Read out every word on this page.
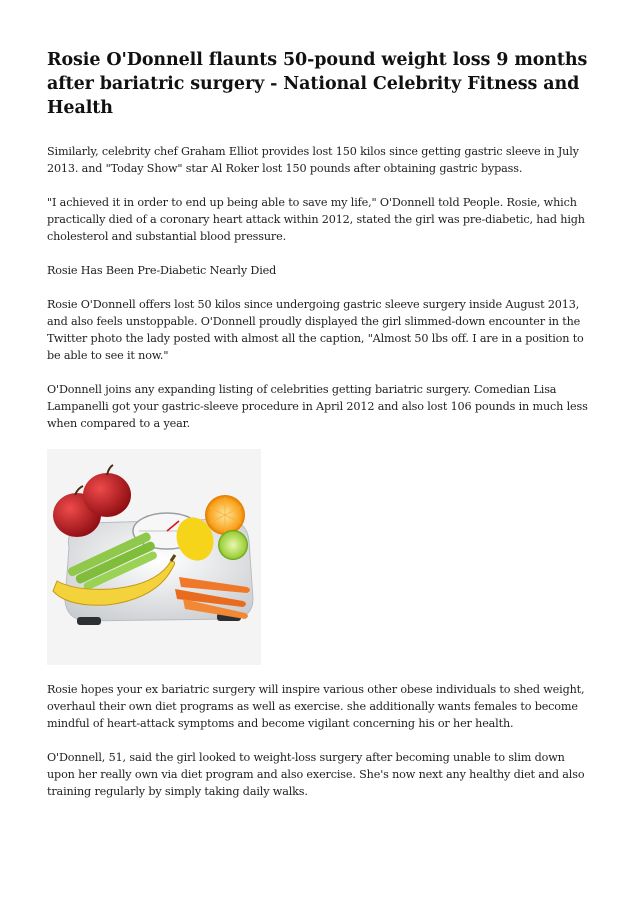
Rosie O'Donnell flaunts 50-pound weight loss 9 months after bariatric surgery - National Celebrity Fitness and Health

Similarly, celebrity chef Graham Elliot provides lost 150 kilos since getting gastric sleeve in July 2013. and "Today Show" star Al Roker lost 150 pounds after obtaining gastric bypass.

"I achieved it in order to end up being able to save my life," O'Donnell told People. Rosie, which practically died of a coronary heart attack within 2012, stated the girl was pre-diabetic, had high cholesterol and substantial blood pressure.

Rosie Has Been Pre-Diabetic Nearly Died

Rosie O'Donnell offers lost 50 kilos since undergoing gastric sleeve surgery inside August 2013, and also feels unstoppable. O'Donnell proudly displayed the girl slimmed-down encounter in the Twitter photo the lady posted with almost all the caption, "Almost 50 lbs off. I are in a position to be able to see it now."

O'Donnell joins any expanding listing of celebrities getting bariatric surgery. Comedian Lisa Lampanelli got your gastric-sleeve procedure in April 2012 and also lost 106 pounds in much less when compared to a year.

Rosie hopes your ex bariatric surgery will inspire various other obese individuals to shed weight, overhaul their own diet programs as well as exercise. she additionally wants females to become mindful of heart-attack symptoms and become vigilant concerning his or her health.

O'Donnell, 51, said the girl looked to weight-loss surgery after becoming unable to slim down upon her really own via diet program and also exercise. She's now next any healthy diet and also training regularly by simply taking daily walks.
